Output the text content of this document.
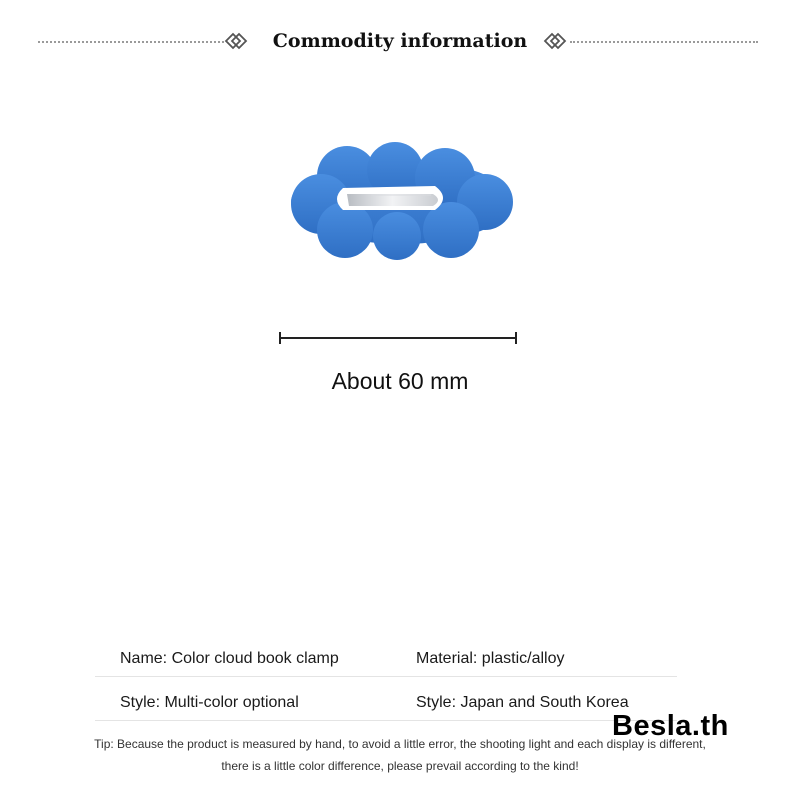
Commodity information
About 60 mm
Name: Color cloud book clamp	Material: plastic/alloy
Style: Multi-color optional	Style: Japan and South Korea
Besla.th
Tip: Because the product is measured by hand, to avoid a little error, the shooting light and each display is different,
there is a little color difference, please prevail according to the kind!
